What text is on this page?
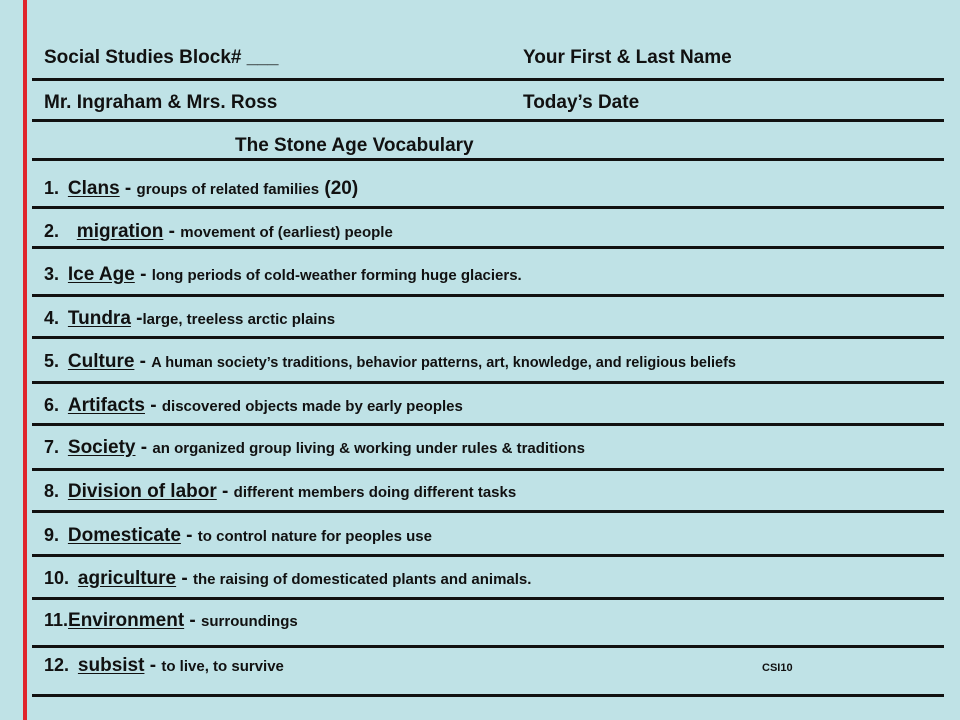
Social Studies Block# ___	Your First & Last Name
Mr. Ingraham & Mrs. Ross	Today’s Date
The Stone Age Vocabulary
1. Clans - groups of related families (20)
2. migration - movement of (earliest) people
3. Ice Age - long periods of cold-weather forming huge glaciers.
4. Tundra -large, treeless arctic plains
5. Culture - A human society’s traditions, behavior patterns, art, knowledge, and religious beliefs
6. Artifacts - discovered objects made by early peoples
7. Society - an organized group living & working under rules & traditions
8. Division of labor - different members doing different tasks
9. Domesticate - to control nature for peoples use
10. agriculture - the raising of domesticated plants and animals.
11.Environment - surroundings
12. subsist - to live, to survive	CSI10
